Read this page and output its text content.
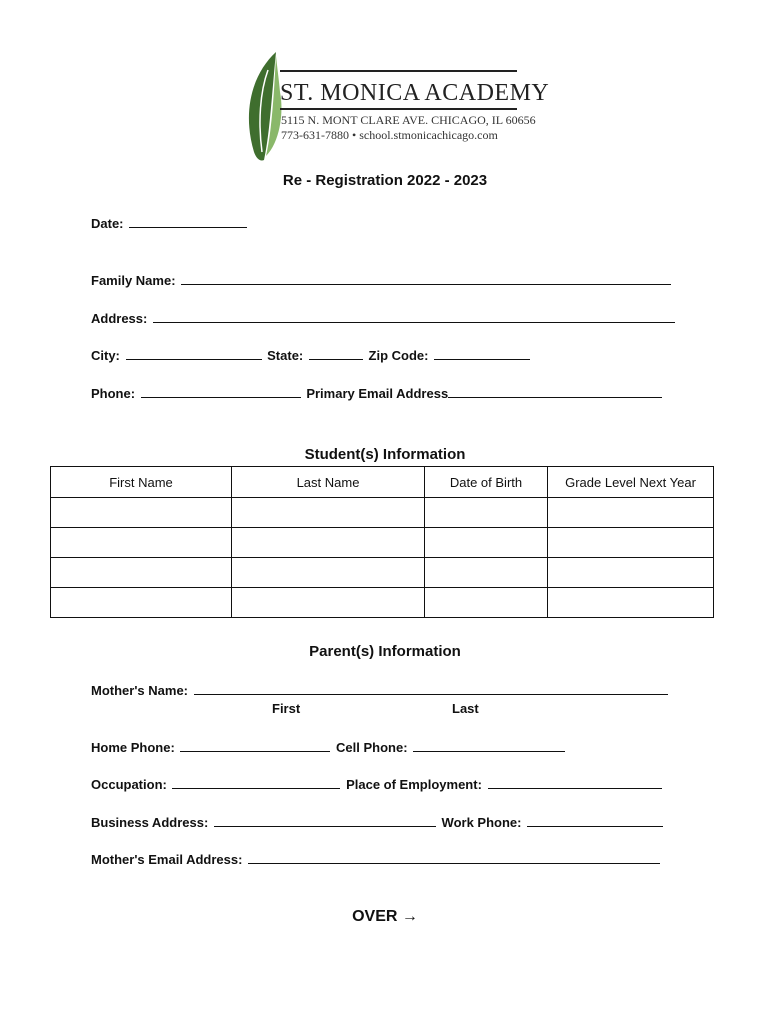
ST. MONICA ACADEMY
5115 N. MONT CLARE AVE. CHICAGO, IL 60656
773-631-7880 • school.stmonicachicago.com
Re - Registration 2022 - 2023
Date:
Family Name:
Address:
City:	State:	Zip Code:
Phone:	Primary Email Address
Student(s) Information
First Name	Last Name	Date of Birth	Grade Level Next Year

Parent(s) Information
Mother's Name:
First	Last
Home Phone:	Cell Phone:
Occupation:	Place of Employment:
Business Address:	Work Phone:
Mother's Email Address:
OVER →
